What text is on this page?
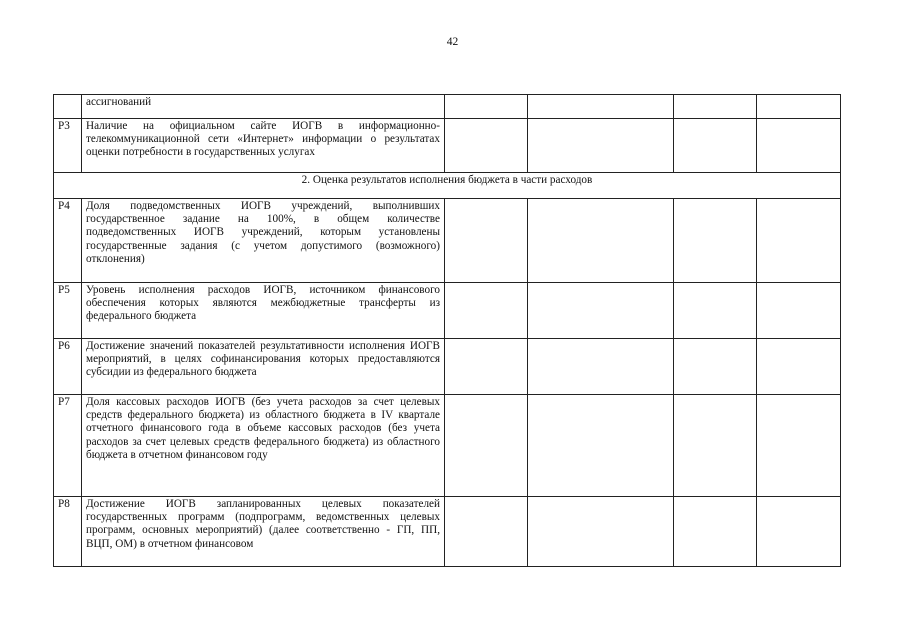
42
	ассигнований				
Р3	Наличие на официальном сайте ИОГВ в информационно-телекоммуникационной сети «Интернет» информации о результатах оценки потребности в государственных услугах				
2. Оценка результатов исполнения бюджета в части расходов					
Р4	Доля подведомственных ИОГВ учреждений, выполнивших государственное задание на 100%, в общем количестве подведомственных ИОГВ учреждений, которым установлены государственные задания (с учетом допустимого (возможного) отклонения)				
Р5	Уровень исполнения расходов ИОГВ, источником финансового обеспечения которых являются межбюджетные трансферты из федерального бюджета				
Р6	Достижение значений показателей результативности исполнения ИОГВ мероприятий, в целях софинансирования которых предоставляются субсидии из федерального бюджета				
Р7	Доля кассовых расходов ИОГВ (без учета расходов за счет целевых средств федерального бюджета) из областного бюджета в IV квартале отчетного финансового года в объеме кассовых расходов (без учета расходов за счет целевых средств федерального бюджета) из областного бюджета в отчетном финансовом году				
Р8	Достижение ИОГВ запланированных целевых показателей государственных программ (подпрограмм, ведомственных целевых программ, основных мероприятий) (далее соответственно - ГП, ПП, ВЦП, ОМ) в отчетном финансовом				
